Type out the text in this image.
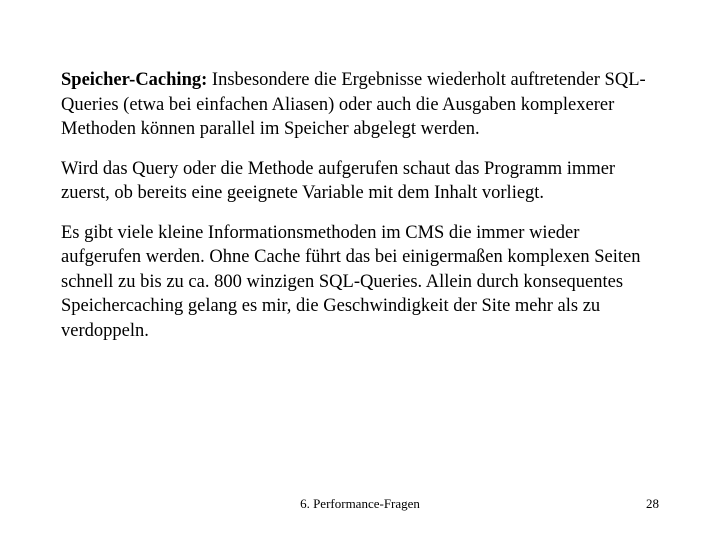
Speicher-Caching: Insbesondere die Ergebnisse wiederholt auftretender SQL-Queries (etwa bei einfachen Aliasen) oder auch die Ausgaben komplexerer Methoden können parallel im Speicher abgelegt werden.

Wird das Query oder die Methode aufgerufen schaut das Programm immer zuerst, ob bereits eine geeignete Variable mit dem Inhalt vorliegt.

Es gibt viele kleine Informationsmethoden im CMS die immer wieder aufgerufen werden. Ohne Cache führt das bei einigermaßen komplexen Seiten schnell zu bis zu ca. 800 winzigen SQL-Queries. Allein durch konsequentes Speichercaching gelang es mir, die Geschwindigkeit der Site mehr als zu verdoppeln.

6. Performance-Fragen	28
